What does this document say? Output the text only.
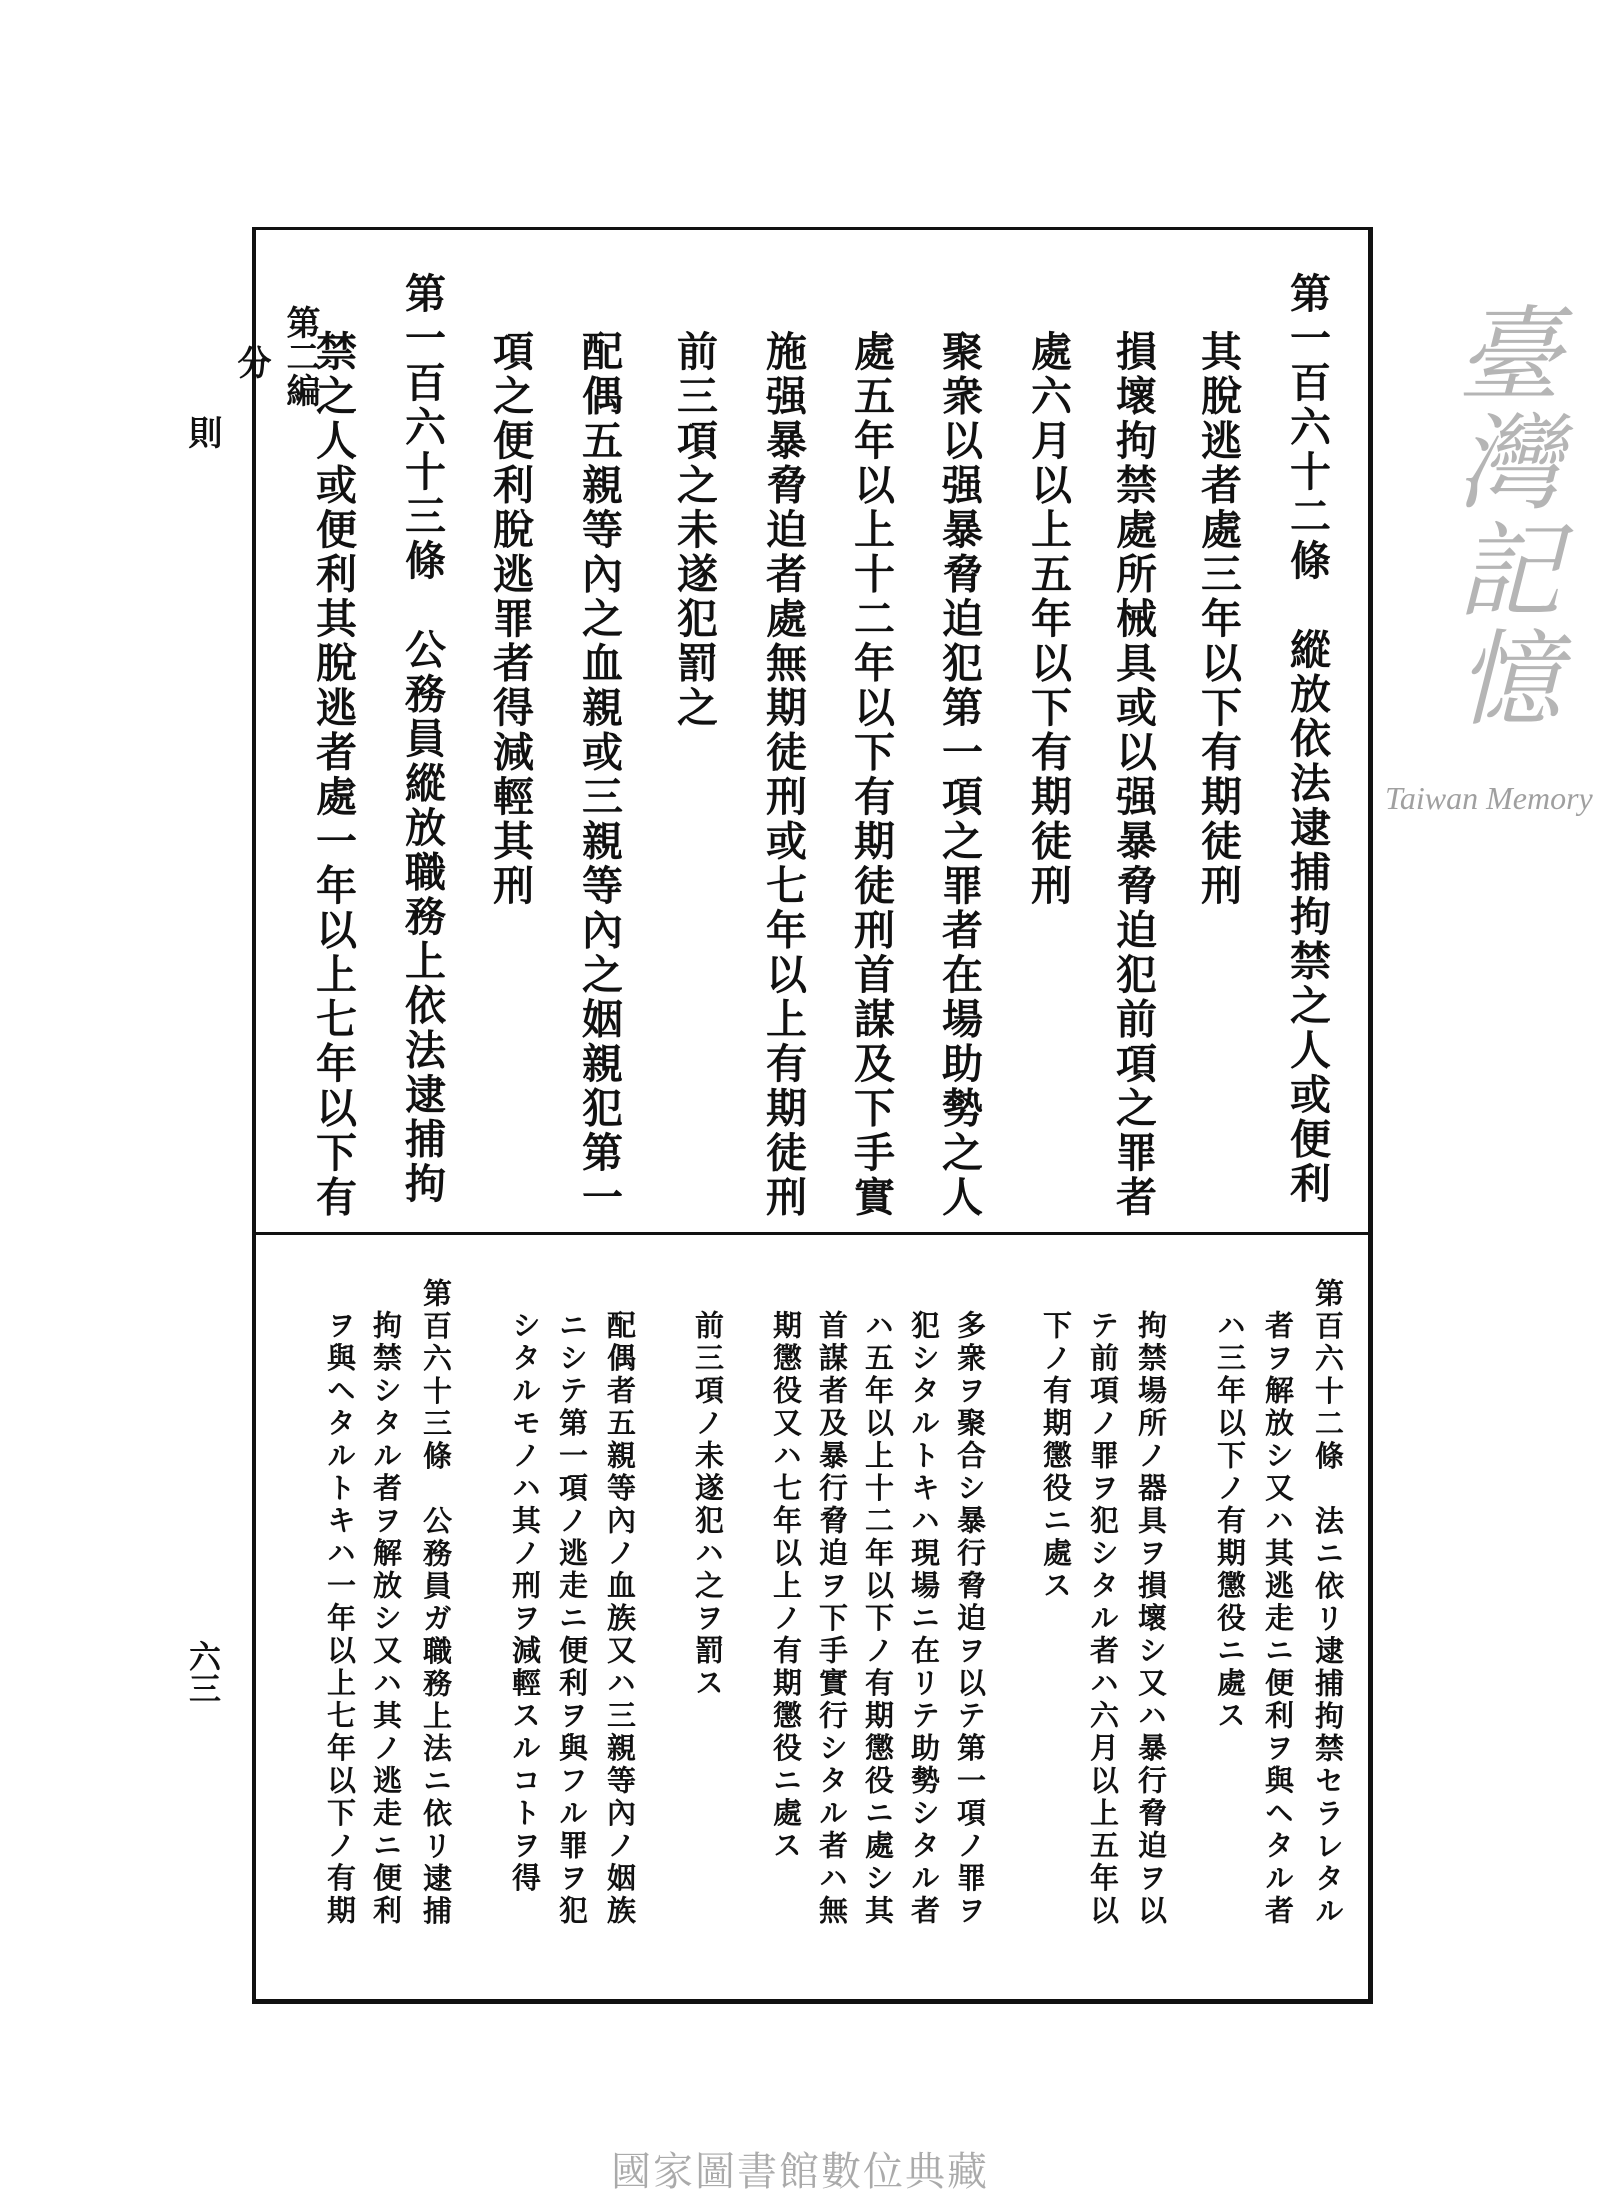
第二編
分
則
六三
第一百六十二條　縱放依法逮捕拘禁之人或便利
其脫逃者處三年以下有期徒刑
損壞拘禁處所械具或以强暴脅迫犯前項之罪者
處六月以上五年以下有期徒刑
聚衆以强暴脅迫犯第一項之罪者在場助勢之人
處五年以上十二年以下有期徒刑首謀及下手實
施强暴脅迫者處無期徒刑或七年以上有期徒刑
前三項之未遂犯罰之
配偶五親等內之血親或三親等內之姻親犯第一
項之便利脫逃罪者得減輕其刑
第一百六十三條　公務員縱放職務上依法逮捕拘
禁之人或便利其脫逃者處一年以上七年以下有
第百六十二條　法ニ依リ逮捕拘禁セラレタル
者ヲ解放シ又ハ其逃走ニ便利ヲ與ヘタル者
ハ三年以下ノ有期懲役ニ處ス
拘禁場所ノ器具ヲ損壞シ又ハ暴行脅迫ヲ以
テ前項ノ罪ヲ犯シタル者ハ六月以上五年以
下ノ有期懲役ニ處ス
多衆ヲ聚合シ暴行脅迫ヲ以テ第一項ノ罪ヲ
犯シタルトキハ現場ニ在リテ助勢シタル者
ハ五年以上十二年以下ノ有期懲役ニ處シ其
首謀者及暴行脅迫ヲ下手實行シタル者ハ無
期懲役又ハ七年以上ノ有期懲役ニ處ス
前三項ノ未遂犯ハ之ヲ罰ス
配偶者五親等內ノ血族又ハ三親等內ノ姻族
ニシテ第一項ノ逃走ニ便利ヲ與フル罪ヲ犯
シタルモノハ其ノ刑ヲ減輕スルコトヲ得
第百六十三條　公務員ガ職務上法ニ依リ逮捕
拘禁シタル者ヲ解放シ又ハ其ノ逃走ニ便利
ヲ與ヘタルトキハ一年以上七年以下ノ有期
臺灣記憶
Taiwan Memory
國家圖書館數位典藏
